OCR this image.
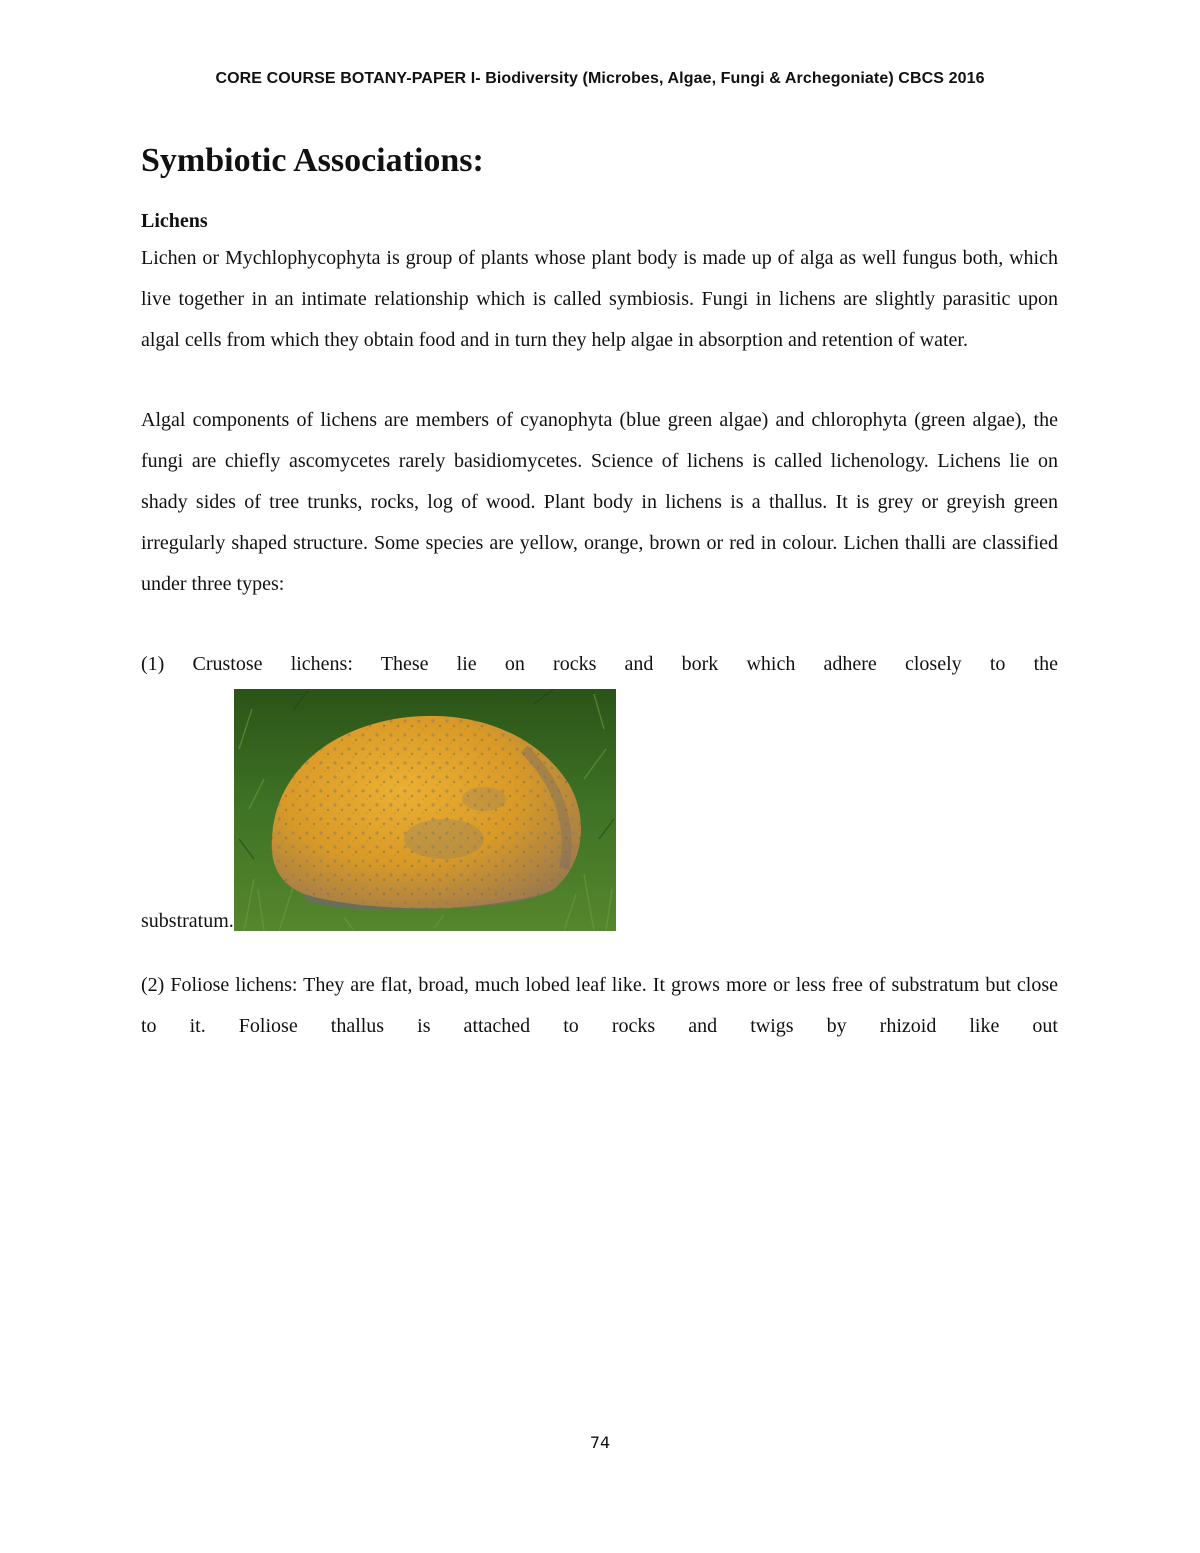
CORE COURSE BOTANY-PAPER I- Biodiversity (Microbes, Algae, Fungi & Archegoniate) CBCS 2016
Symbiotic Associations:
Lichens

Lichen or Mychlophycophyta is group of plants whose plant body is made up of alga as well fungus both, which live together in an intimate relationship which is called symbiosis. Fungi in lichens are slightly parasitic upon algal cells from which they obtain food and in turn they help algae in absorption and retention of water.

Algal components of lichens are members of cyanophyta (blue green algae) and chlorophyta (green algae), the fungi are chiefly ascomycetes rarely basidiomycetes. Science of lichens is called lichenology. Lichens lie on shady sides of tree trunks, rocks, log of wood. Plant body in lichens is a thallus. It is grey or greyish green irregularly shaped structure. Some species are yellow, orange, brown or red in colour. Lichen thalli are classified under three types:

(1) Crustose lichens: These lie on rocks and bork which adhere closely to the

substratum.

(2) Foliose lichens: They are flat, broad, much lobed leaf like. It grows more or less free of substratum but close to it. Foliose thallus is attached to rocks and twigs by rhizoid like out

74
